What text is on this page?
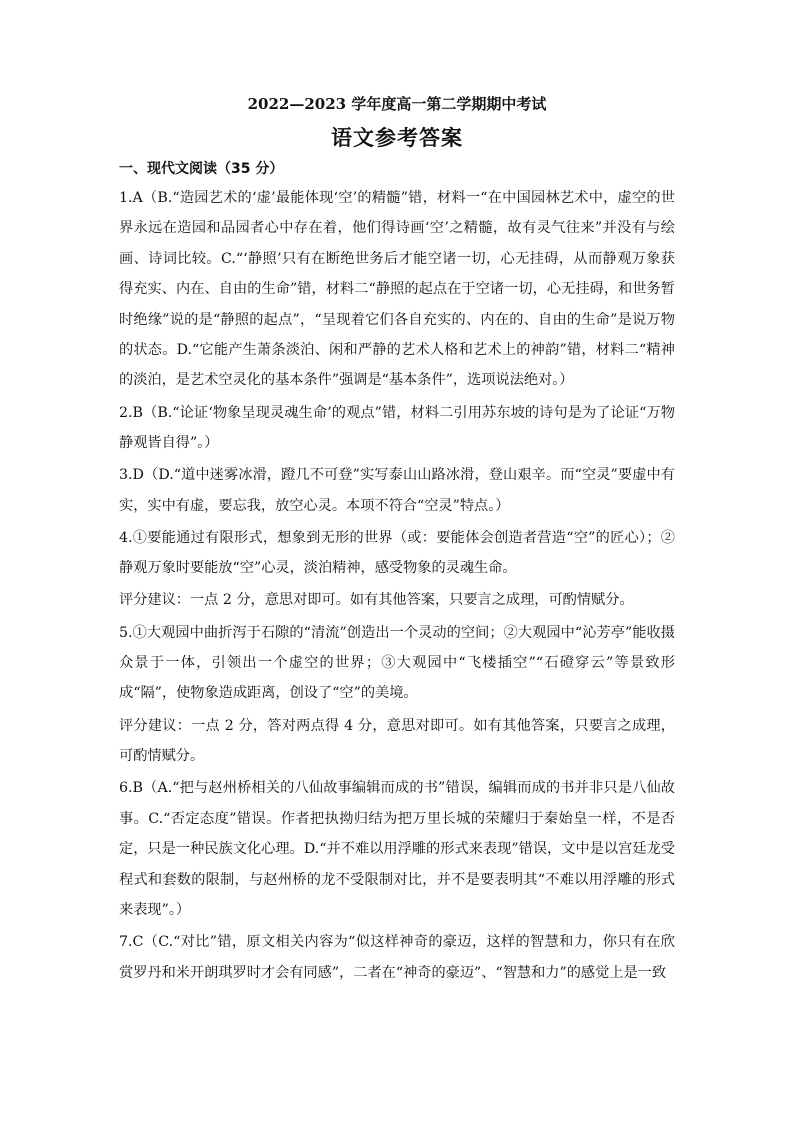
2022—2023 学年度高一第二学期期中考试
语文参考答案
一、现代文阅读（35 分）

1.A（B.“造园艺术的‘虚’最能体现‘空’的精髓”错，材料一“在中国园林艺术中，虚空的世界永远在造园和品园者心中存在着，他们得诗画‘空’之精髓，故有灵气往来”并没有与绘画、诗词比较。C.“‘静照’只有在断绝世务后才能空诸一切，心无挂碍，从而静观万象获得充实、内在、自由的生命”错，材料二“静照的起点在于空诸一切，心无挂碍，和世务暂时绝缘”说的是“静照的起点”，“呈现着它们各自充实的、内在的、自由的生命”是说万物的状态。D.“它能产生萧条淡泊、闲和严静的艺术人格和艺术上的神韵”错，材料二“精神的淡泊，是艺术空灵化的基本条件”强调是“基本条件”，选项说法绝对。）

2.B（B.“论证‘物象呈现灵魂生命’的观点”错，材料二引用苏东坡的诗句是为了论证“万物静观皆自得”。）

3.D（D.“道中迷雾冰滑，蹬几不可登”实写泰山山路冰滑，登山艰辛。而“空灵”要虚中有实，实中有虚，要忘我，放空心灵。本项不符合“空灵”特点。）

4.①要能通过有限形式，想象到无形的世界（或：要能体会创造者营造“空”的匠心）；②静观万象时要能放“空”心灵，淡泊精神，感受物象的灵魂生命。

评分建议：一点 2 分，意思对即可。如有其他答案，只要言之成理，可酌情赋分。

5.①大观园中曲折泻于石隙的“清流”创造出一个灵动的空间；②大观园中“沁芳亭”能收摄众景于一体，引领出一个虚空的世界；③大观园中“飞楼插空”“石磴穿云”等景致形成“隔”，使物象造成距离，创设了“空”的美境。

评分建议：一点 2 分，答对两点得 4 分，意思对即可。如有其他答案，只要言之成理，可酌情赋分。

6.B（A.“把与赵州桥相关的八仙故事编辑而成的书”错误，编辑而成的书并非只是八仙故事。C.“否定态度”错误。作者把执拗归结为把万里长城的荣耀归于秦始皇一样，不是否定，只是一种民族文化心理。D.“并不难以用浮雕的形式来表现”错误，文中是以宫廷龙受程式和套数的限制，与赵州桥的龙不受限制对比，并不是要表明其“不难以用浮雕的形式来表现”。）

7.C（C.“对比”错，原文相关内容为“似这样神奇的豪迈，这样的智慧和力，你只有在欣赏罗丹和米开朗琪罗时才会有同感”，二者在“神奇的豪迈”、“智慧和力”的感觉上是一致
